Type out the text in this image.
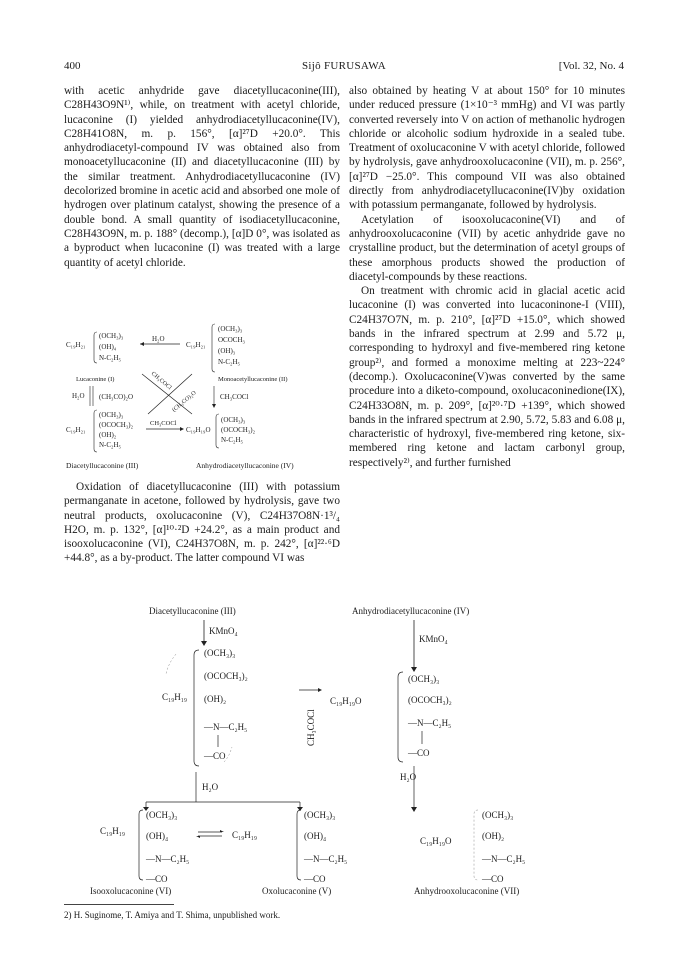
400	Sijô FURUSAWA	[Vol. 32, No. 4

with acetic anhydride gave diacetyllucaconine(III), C28H43O9N¹⁾, while, on treatment with acetyl chloride, lucaconine (I) yielded anhydrodiacetyllucaconine(IV), C28H41O8N, m. p. 156°, [α]²⁷D +20.0°. This anhydrodiacetyl-compound IV was obtained also from monoacetyllucaconine (II) and diacetyllucaconine (III) by the similar treatment. Anhydrodiacetyllucaconine (IV) decolorized bromine in acetic acid and absorbed one mole of hydrogen over platinum catalyst, showing the presence of a double bond. A small quantity of isodiacetyllucaconine, C28H43O9N, m. p. 188° (decomp.), [α]D 0°, was isolated as a byproduct when lucaconine (I) was treated with a large quantity of acetyl chloride.

(OCH₃)₃
OCOCH₃
(OH)₃
N-C₂H₅
C₁₉H₂₁
C₁₉H₂₁
(OCH₃)₃
(OH)₄
N-C₂H₅
H₂O
Lucaconine (I)	Monoacetyllucaconine (II)
CH₃COCl
(CH₃CO)₂O
H₂O (CH₃CO)₂O	CH₃COCl
C₁₉H₂₁
(OCH₃)₃
(OCOCH₃)₂
(OH)₂
N-C₂H₅
CH₃COCl
C₁₉H₁₉O
(OCH₃)₃
(OCOCH₃)₂
N-C₂H₅
Diacetyllucaconine (III)	Anhydrodiacetyllucaconine (IV)

Oxidation of diacetyllucaconine (III) with potassium permanganate in acetone, followed by hydrolysis, gave two neutral products, oxolucaconine (V), C24H37O8N·1³/₄ H2O, m. p. 132°, [α]¹⁰·²D +24.2°, as a main product and isooxolucaconine (VI), C24H37O8N, m. p. 242°, [α]²²·⁶D +44.8°, as a by-product. The latter compound VI was

also obtained by heating V at about 150° for 10 minutes under reduced pressure (1×10⁻³ mmHg) and VI was partly converted reversely into V on action of methanolic hydrogen chloride or alcoholic sodium hydroxide in a sealed tube. Treatment of oxolucaconine V with acetyl chloride, followed by hydrolysis, gave anhydrooxolucaconine (VII), m. p. 256°, [α]²⁷D −25.0°. This compound VII was also obtained directly from anhydrodiacetyllucaconine(IV)by oxidation with potassium permanganate, followed by hydrolysis.

Acetylation of isooxolucaconine(VI) and of anhydrooxolucaconine (VII) by acetic anhydride gave no crystalline product, but the determination of acetyl groups of these amorphous products showed the production of diacetyl-compounds by these reactions.

On treatment with chromic acid in glacial acetic acid lucaconine (I) was converted into lucaconinone-I (VIII), C24H37O7N, m. p. 210°, [α]²⁷D +15.0°, which showed bands in the infrared spectrum at 2.99 and 5.72 μ, corresponding to hydroxyl and five-membered ring ketone group²⁾, and formed a monoxime melting at 223~224° (decomp.). Oxolucaconine(V)was converted by the same procedure into a diketo-compound, oxolucaconinedione(IX), C24H33O8N, m. p. 209°, [α]²⁰·⁷D +139°, which showed bands in the infrared spectrum at 2.90, 5.72, 5.83 and 6.08 μ, characteristic of hydroxyl, five-membered ring ketone, six-membered ring ketone and lactam carbonyl group, respectively²⁾, and further furnished

Diacetyllucaconine (III)	Anhydrodiacetyllucaconine (IV)
KMnO₄
KMnO₄
C₁₉H₁₉
(OCH₃)₃
(OCOCH₃)₂
(OH)₂
—N—C₂H₅
—CO
CH₃COCl
C₁₉H₁₉O
(OCH₃)₃
(OCOCH₃)₂
—N—C₂H₅
—CO
H₂O
H₂O
C₁₉H₁₉
(OCH₃)₃
(OH)₄
—N—C₂H₅
—CO
C₁₉H₁₉
(OCH₃)₃
(OH)₄
—N—C₂H₅
—CO
C₁₉H₁₉O
(OCH₃)₃
(OH)₂
—N—C₂H₅
—CO
Isooxolucaconine (VI)	Oxolucaconine (V)	Anhydrooxolucaconine (VII)
2) H. Suginome, T. Amiya and T. Shima, unpublished work.
